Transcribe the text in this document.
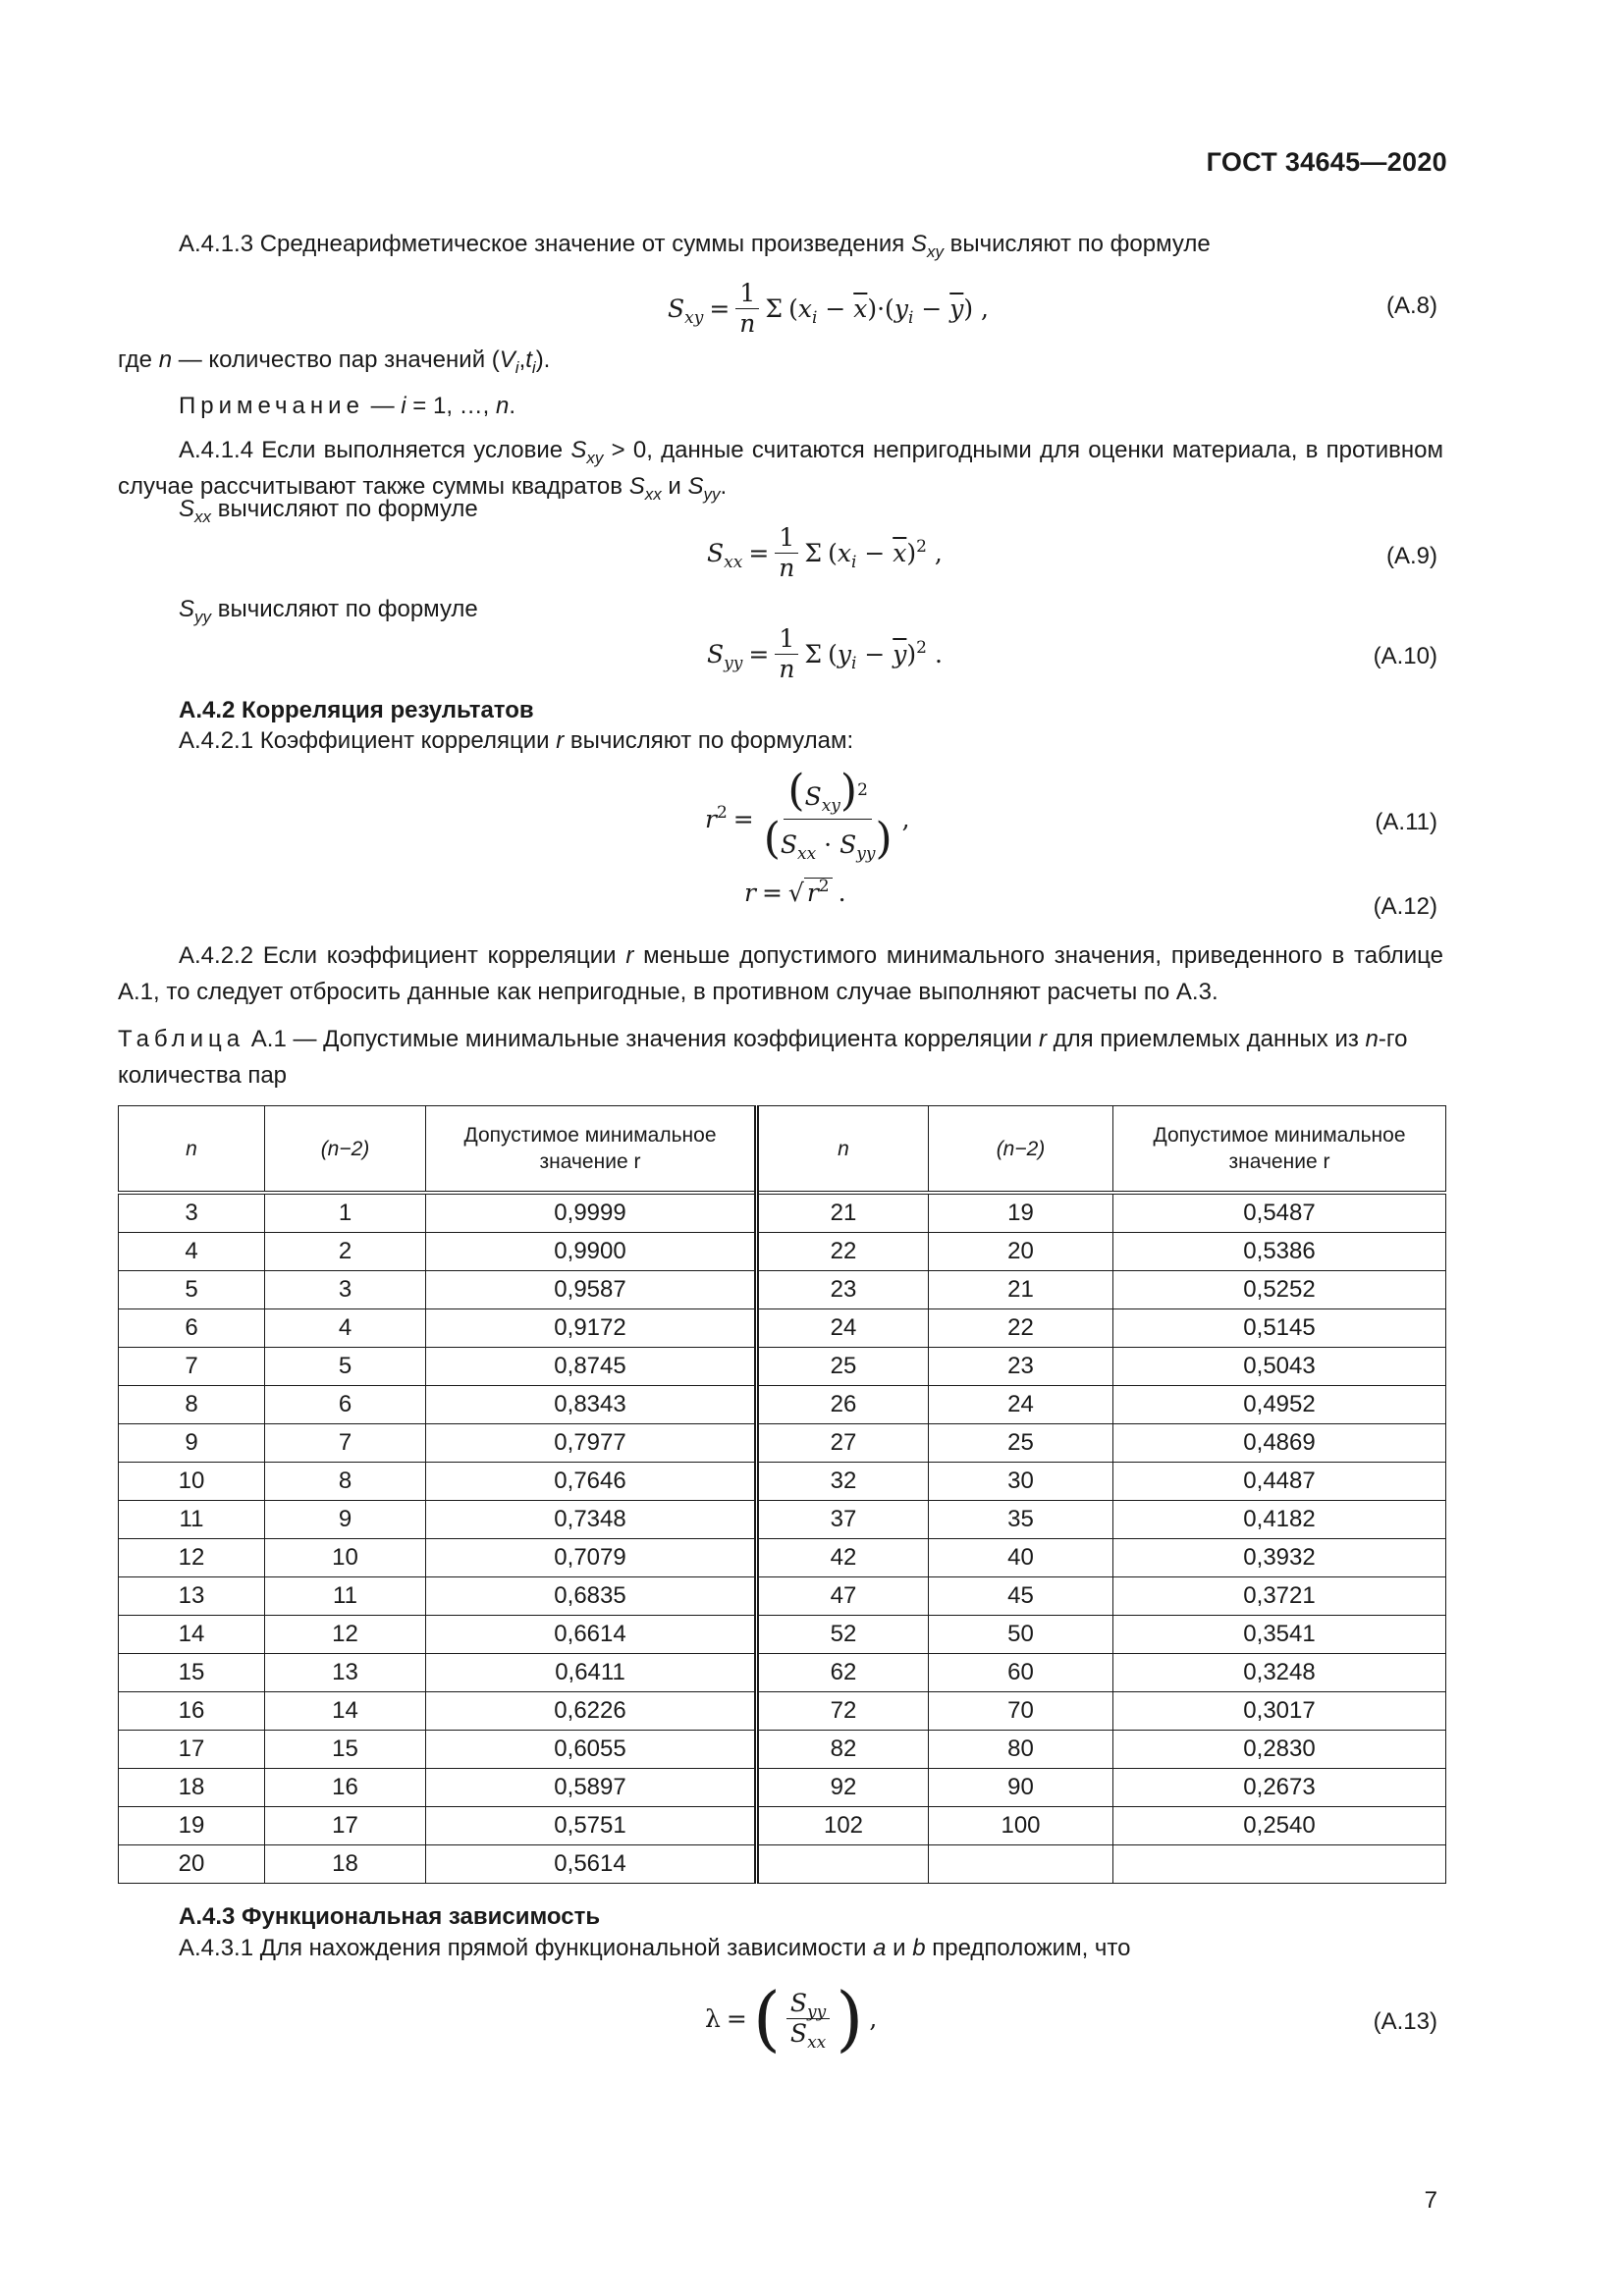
ГОСТ 34645—2020

А.4.1.3 Среднеарифметическое значение от суммы произведения $S_{xy}$ вычисляют по формуле

$S_{xy} = \frac{1}{n}$ Σ $(x_i - \overline{x})\cdot(y_i - \overline{y})$ ,	(А.8)

где n — количество пар значений $(V_i,t_i)$.

Примечание — i = 1, …, n.

А.4.1.4 Если выполняется условие $S_{xy} > 0$, данные считаются непригодными для оценки материала, в противном случае рассчитывают также суммы квадратов $S_{xx}$ и $S_{yy}$.

$S_{xx}$ вычисляют по формуле

$S_{xx} = \frac{1}{n}$ Σ $(x_i - \overline{x})^2$ ,	(А.9)

$S_{yy}$ вычисляют по формуле

$S_{yy} = \frac{1}{n}$ Σ $(y_i - \overline{y})^2$ .	(А.10)

А.4.2 Корреляция результатов

А.4.2.1 Коэффициент корреляции r вычисляют по формулам:

$r^2 = \frac{(S_{xy})^2}{(S_{xx} \cdot S_{yy})}$ ,	(А.11)
r = √ $r^2$ .	(А.12)

А.4.2.2 Если коэффициент корреляции r меньше допустимого минимального значения, приведенного в таблице А.1, то следует отбросить данные как непригодные, в противном случае выполняют расчеты по А.3.

Таблица А.1 — Допустимые минимальные значения коэффициента корреляции r для приемлемых данных из n-го количества пар

n	(n−2)	Допустимое минимальное значение r	n	(n−2)	Допустимое минимальное значение r
3	1	0,9999	21	19	0,5487
4	2	0,9900	22	20	0,5386
5	3	0,9587	23	21	0,5252
6	4	0,9172	24	22	0,5145
7	5	0,8745	25	23	0,5043
8	6	0,8343	26	24	0,4952
9	7	0,7977	27	25	0,4869
10	8	0,7646	32	30	0,4487
11	9	0,7348	37	35	0,4182
12	10	0,7079	42	40	0,3932
13	11	0,6835	47	45	0,3721
14	12	0,6614	52	50	0,3541
15	13	0,6411	62	60	0,3248
16	14	0,6226	72	70	0,3017
17	15	0,6055	82	80	0,2830
18	16	0,5897	92	90	0,2673
19	17	0,5751	102	100	0,2540
20	18	0,5614			

А.4.3 Функциональная зависимость

А.4.3.1 Для нахождения прямой функциональной зависимости a и b предположим, что

λ = ( $\frac{S_{yy}}{S_{xx}}$ ) ,	(А.13)
7
